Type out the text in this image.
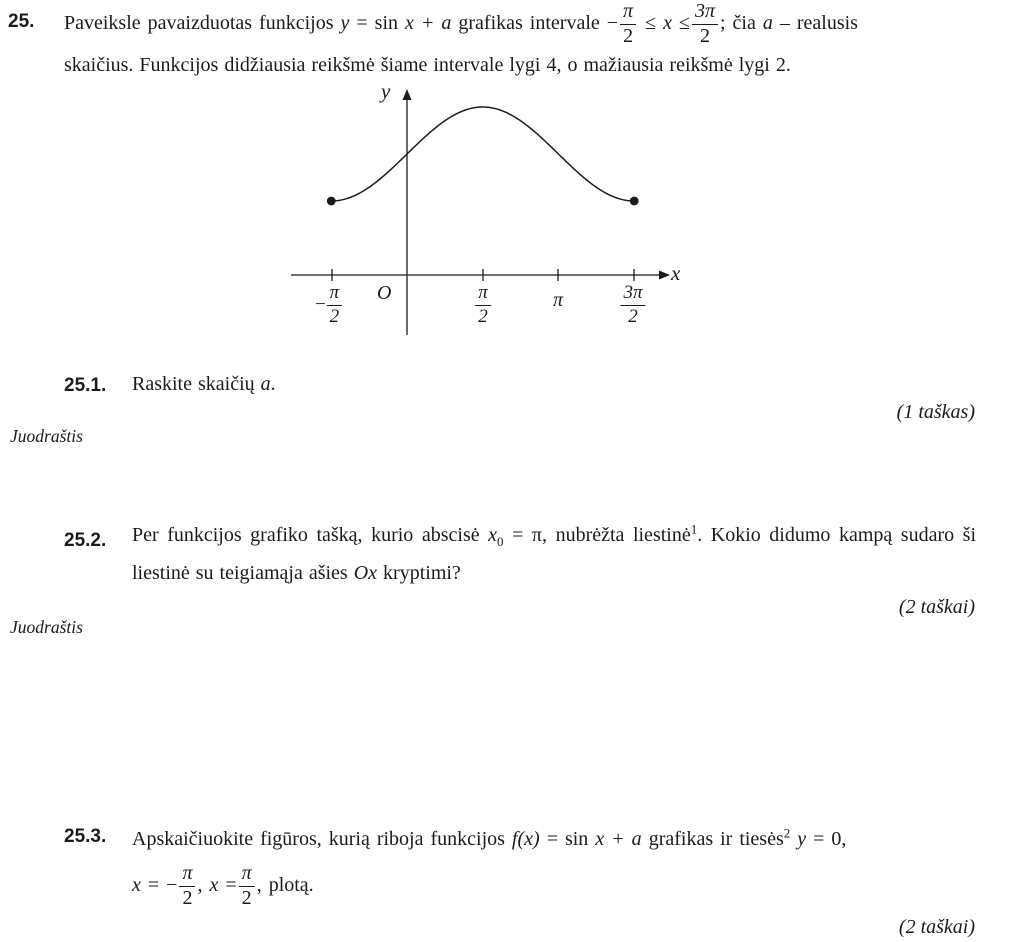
25. Paveiksle pavaizduotas funkcijos y = sin x + a grafikas intervale − $\frac{\pi}{2} \le x \le \frac{3\pi}{2}$ ; čia a – realusis
skaičius. Funkcijos didžiausia reikšmė šiame intervale lygi 4, o mažiausia reikšmė lygi 2.
y
x
O
− $\frac{\pi}{2}$	π
2
π	3π
2
25.1. Raskite skaičių a.
(1 taškas)
Juodraštis
25.2. Per funkcijos grafiko tašką, kurio abscisė $x_0 = \pi$, nubrėžta liestinė$^1$. Kokio didumo kampą sudaro ši liestinė su teigiamąja ašies Ox kryptimi?
(2 taškai)
Juodraštis
25.3. Apskaičiuokite figūros, kurią riboja funkcijos f(x) = sin x + a grafikas ir tiesės$^2$ y = 0,
x = − $\frac{\pi}{2}$ , $x = \frac{\pi}{2}$ , plotą.
(2 taškai)
